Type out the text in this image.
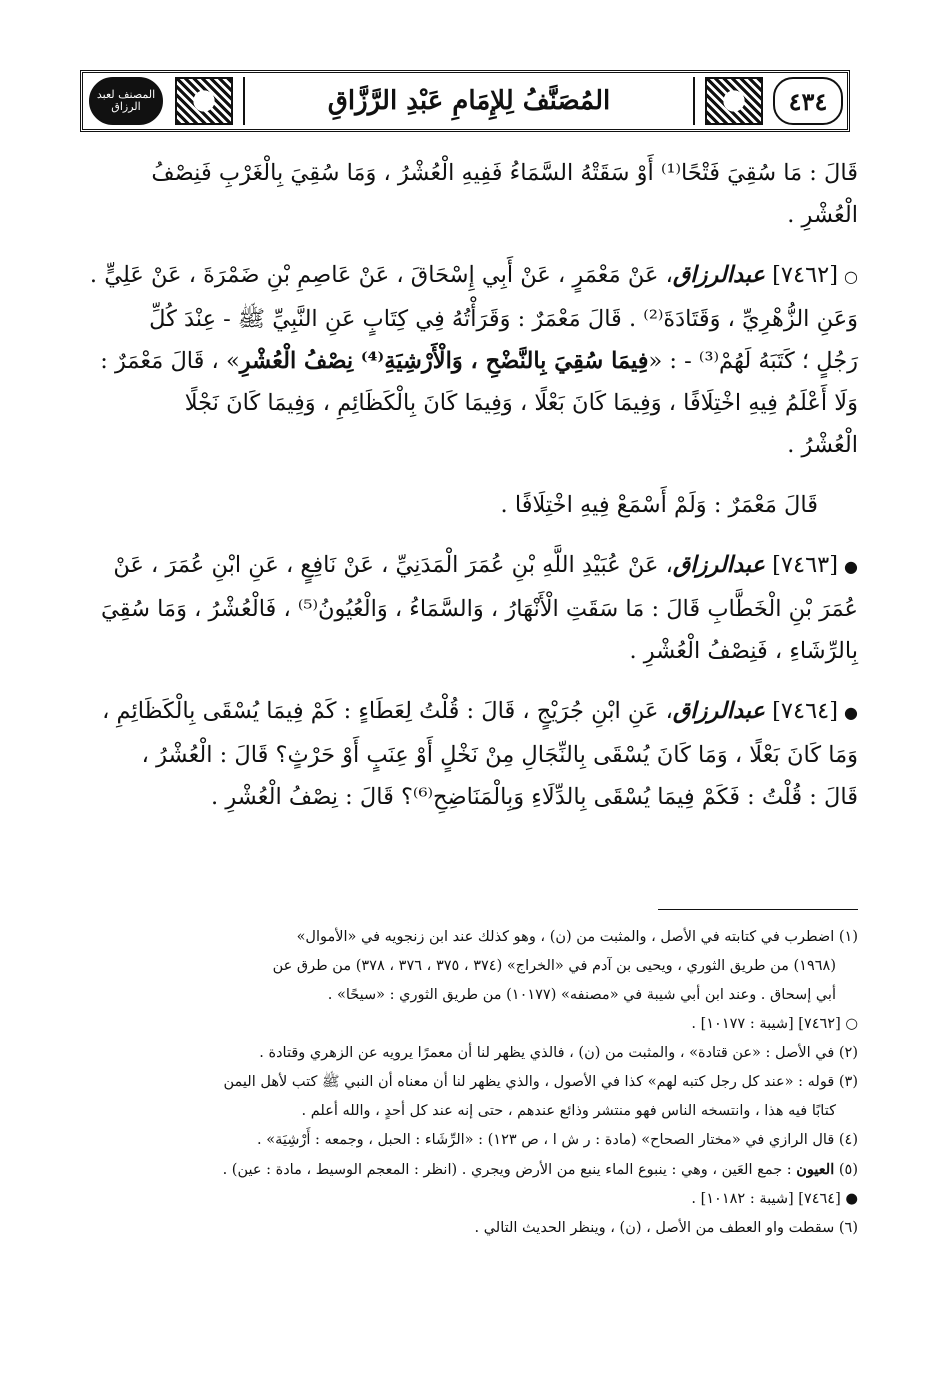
المصنف لعبد الرزاق	المُصَنَّفُ لِلإِمَامِ عَبْدِ الرَّزَّاقِ	٤٣٤

قَالَ : مَا سُقِيَ فَتْحًا⁽¹⁾ أَوْ سَقَتْهُ السَّمَاءُ فَفِيهِ الْعُشْرُ ، وَمَا سُقِيَ بِالْغَرْبِ فَنِصْفُ

الْعُشْرِ .

○[٧٤٦٢] عبدالرزاق، عَنْ مَعْمَرٍ ، عَنْ أَبِي إِسْحَاقَ ، عَنْ عَاصِمِ بْنِ ضَمْرَةَ ، عَنْ عَلِيٍّ .

وَعَنِ الزُّهْرِيِّ ، وَقَتَادَةَ⁽²⁾ . قَالَ مَعْمَرٌ : وَقَرَأْتُهُ فِي كِتَابٍ عَنِ النَّبِيِّ ﷺ - عِنْدَ كُلِّ

رَجُلٍ ؛ كَتَبَهُ لَهُمْ⁽³⁾ - : «فِيمَا سُقِيَ بِالنَّضْحِ ، وَالْأَرْشِيَةِ⁽⁴⁾ نِصْفُ الْعُشْرِ» ، قَالَ مَعْمَرٌ :

وَلَا أَعْلَمُ فِيهِ اخْتِلَافًا ، وَفِيمَا كَانَ بَعْلًا ، وَفِيمَا كَانَ بِالْكَظَائِمِ ، وَفِيمَا كَانَ نَجْلًا

الْعُشْرُ .

قَالَ مَعْمَرٌ : وَلَمْ أَسْمَعْ فِيهِ اخْتِلَافًا .

●[٧٤٦٣] عبدالرزاق، عَنْ عُبَيْدِ اللَّهِ بْنِ عُمَرَ الْمَدَنِيِّ ، عَنْ نَافِعٍ ، عَنِ ابْنِ عُمَرَ ، عَنْ

عُمَرَ بْنِ الْخَطَّابِ قَالَ : مَا سَقَتِ الْأَنْهَارُ ، وَالسَّمَاءُ ، وَالْعُيُونُ⁽⁵⁾ ، فَالْعُشْرُ ، وَمَا سُقِيَ

بِالرِّشَاءِ ، فَنِصْفُ الْعُشْرِ .

●[٧٤٦٤] عبدالرزاق، عَنِ ابْنِ جُرَيْجٍ ، قَالَ : قُلْتُ لِعَطَاءٍ : كَمْ فِيمَا يُسْقَى بِالْكَظَائِمِ ،

وَمَا كَانَ بَعْلًا ، وَمَا كَانَ يُسْقَى بِالنِّجَالِ مِنْ نَخْلٍ أَوْ عِنَبٍ أَوْ حَرْثٍ؟ قَالَ : الْعُشْرُ ،

قَالَ : قُلْتُ : فَكَمْ فِيمَا يُسْقَى بِالدِّلَاءِ وَبِالْمَنَاضِحِ⁽⁶⁾؟ قَالَ : نِصْفُ الْعُشْرِ .

(١) اضطرب في كتابته في الأصل ، والمثبت من (ن) ، وهو كذلك عند ابن زنجويه في «الأموال»

(١٩٦٨) من طريق الثوري ، ويحيى بن آدم في «الخراج» (٣٧٤ ، ٣٧٥ ، ٣٧٦ ، ٣٧٨) من طرق عن

أبي إسحاق . وعند ابن أبي شيبة في «مصنفه» (١٠١٧٧) من طريق الثوري : «سيحًا» .

○ [٧٤٦٢] [شيبة : ١٠١٧٧] .

(٢) في الأصل : «عن قتادة» ، والمثبت من (ن) ، فالذي يظهر لنا أن معمرًا يرويه عن الزهري وقتادة .

(٣) قوله : «عند كل رجل كتبه لهم» كذا في الأصول ، والذي يظهر لنا أن معناه أن النبي ﷺ كتب لأهل اليمن

كتابًا فيه هذا ، وانتسخه الناس فهو منتشر وذائع عندهم ، حتى إنه عند كل أحدٍ ، والله أعلم .

(٤) قال الرازي في «مختار الصحاح» (مادة : ر ش ا ، ص ١٢٣) : «الرِّشَاء : الحبل ، وجمعه : أَرْشِيَة» .

(٥) العيون : جمع العَين ، وهي : ينبوع الماء ينبع من الأرض ويجري . (انظر : المعجم الوسيط ، مادة : عين) .

● [٧٤٦٤] [شيبة : ١٠١٨٢] .

(٦) سقطت واو العطف من الأصل ، (ن) ، وينظر الحديث التالي .
